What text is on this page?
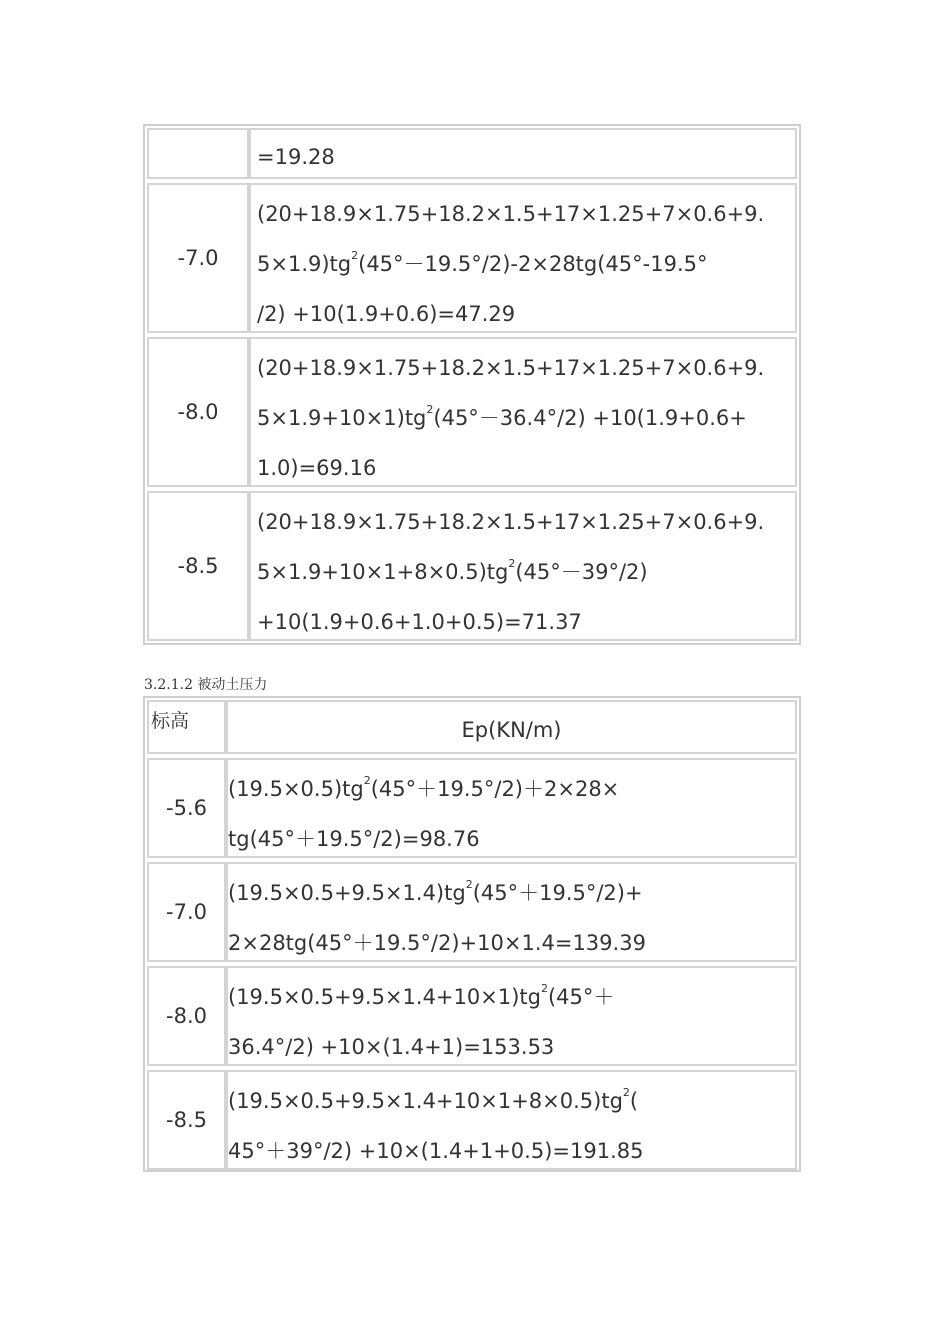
=19.28
-7.0
(20+18.9×1.75+18.2×1.5+17×1.25+7×0.6+9.
$5\times 1.9)tg^2(45^\circ-19.5^\circ/2)-2\times 28tg(45^\circ-19.5^\circ$
/2) +10(1.9+0.6)=47.29
-8.0
(20+18.9×1.75+18.2×1.5+17×1.25+7×0.6+9.
$5\times 1.9+10\times 1)tg^2(45^\circ-36.4^\circ/2) +10(1.9+0.6+$
1.0)=69.16
-8.5
(20+18.9×1.75+18.2×1.5+17×1.25+7×0.6+9.
$5\times 1.9+10\times 1+8\times 0.5)tg^2(45^\circ-39^\circ/2)$
+10(1.9+0.6+1.0+0.5)=71.37
3.2.1.2 被动土压力
标高	Ep(KN/m)
-5.6
$(19.5\times 0.5)tg^2(45^\circ+19.5^\circ/2)+2\times 28\times$
tg(45°＋19.5°/2)=98.76
-7.0
$(19.5\times 0.5+9.5\times 1.4)tg^2(45^\circ+19.5^\circ/2)+$
2×28tg(45°＋19.5°/2)+10×1.4=139.39
-8.0
$(19.5\times 0.5+9.5\times 1.4+10\times 1)tg^2(45^\circ+$
36.4°/2) +10×(1.4+1)=153.53
-8.5
$(19.5\times 0.5+9.5\times 1.4+10\times 1+8\times 0.5)tg^2$(
45°＋39°/2) +10×(1.4+1+0.5)=191.85
